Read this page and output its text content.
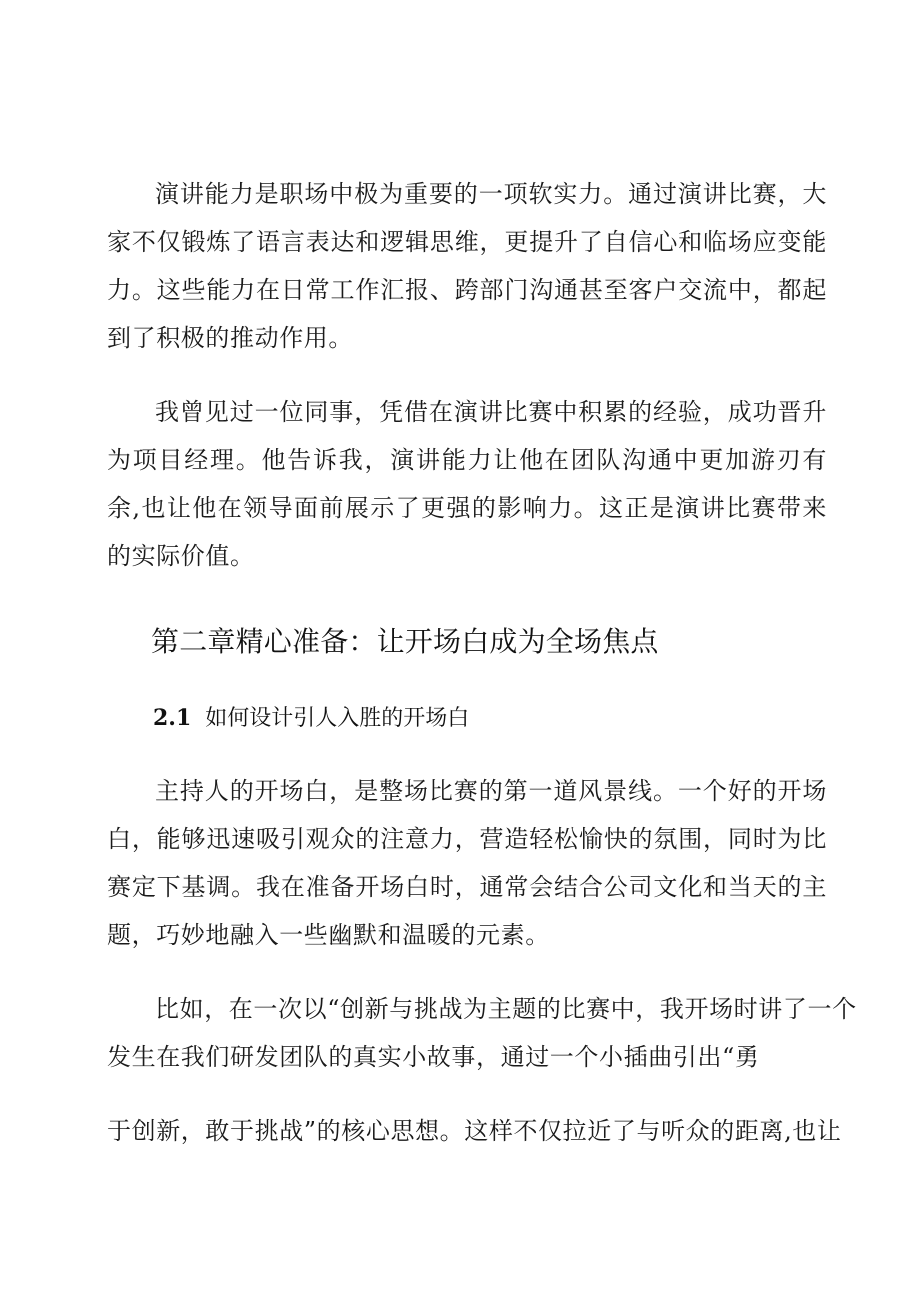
演讲能力是职场中极为重要的一项软实力。通过演讲比赛，大家不仅锻炼了语言表达和逻辑思维，更提升了自信心和临场应变能力。这些能力在日常工作汇报、跨部门沟通甚至客户交流中，都起到了积极的推动作用。

我曾见过一位同事，凭借在演讲比赛中积累的经验，成功晋升为项目经理。他告诉我，演讲能力让他在团队沟通中更加游刃有余,也让他在领导面前展示了更强的影响力。这正是演讲比赛带来的实际价值。

第二章精心准备：让开场白成为全场焦点
2.1 如何设计引人入胜的开场白

主持人的开场白，是整场比赛的第一道风景线。一个好的开场白，能够迅速吸引观众的注意力，营造轻松愉快的氛围，同时为比赛定下基调。我在准备开场白时，通常会结合公司文化和当天的主题，巧妙地融入一些幽默和温暖的元素。

比如，在一次以“创新与挑战为主题的比赛中，我开场时讲了一个
发生在我们研发团队的真实小故事，通过一个小插曲引出“勇
于创新，敢于挑战”的核心思想。这样不仅拉近了与听众的距离,也让
